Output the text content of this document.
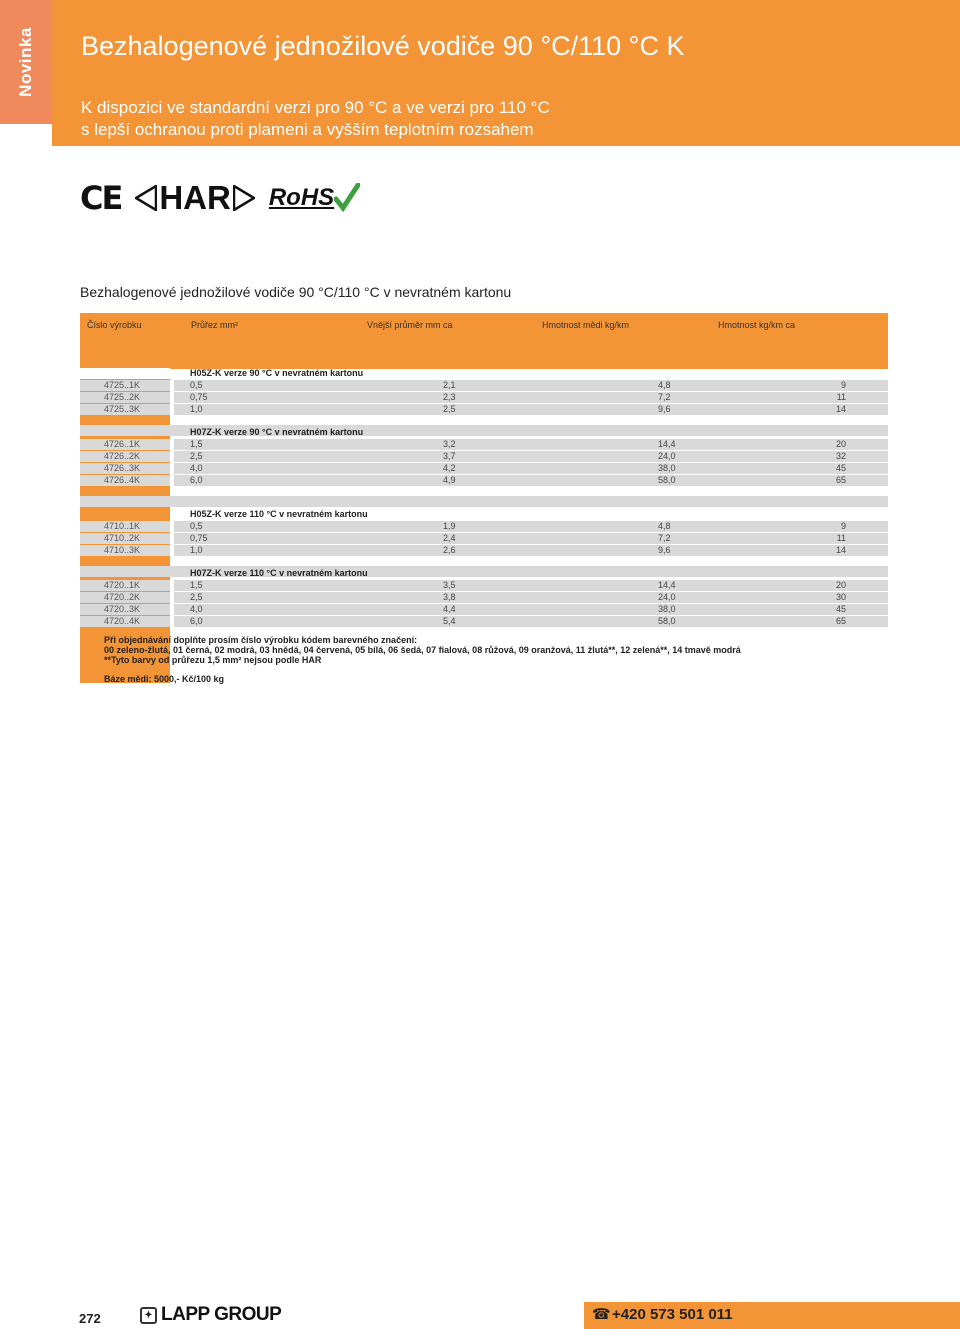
Novinka Bezhalogenové jednožilové vodiče 90 °C/110 °C K
K dispozici ve standardní verzi pro 90 °C a ve verzi pro 110 °C
s lepší ochranou proti plameni a vyšším teplotním rozsahem
CE HAR RoHS
Bezhalogenové jednožilové vodiče 90 °C/110 °C v nevratném kartonu
Číslo výrobku	Průřez mm²	Vnější průměr mm ca	Hmotnost mědi kg/km	Hmotnost kg/km ca
H05Z-K verze 90 °C v nevratném kartonu
4725..1K	0,5	2,1	4,8	9
4725..2K	0,75	2,3	7,2	11
4725..3K	1,0	2,5	9,6	14
H07Z-K verze 90 °C v nevratném kartonu
4726..1K	1,5	3,2	14,4	20
4726..2K	2,5	3,7	24,0	32
4726..3K	4,0	4,2	38,0	45
4726..4K	6,0	4,9	58,0	65
H05Z-K verze 110 °C v nevratném kartonu
4710..1K	0,5	1,9	4,8	9
4710..2K	0,75	2,4	7,2	11
4710..3K	1,0	2,6	9,6	14
H07Z-K verze 110 °C v nevratném kartonu
4720..1K	1,5	3,5	14,4	20
4720..2K	2,5	3,8	24,0	30
4720..3K	4,0	4,4	38,0	45
4720..4K	6,0	5,4	58,0	65
Při objednávání doplňte prosím číslo výrobku kódem barevného značení:
00 zeleno-žlutá, 01 černá, 02 modrá, 03 hnědá, 04 červená, 05 bílá, 06 šedá, 07 fialová, 08 růžová, 09 oranžová, 11 žlutá**, 12 zelená**, 14 tmavě modrá
**Tyto barvy od průřezu 1,5 mm² nejsou podle HAR
Báze mědi: 5000,- Kč/100 kg
272	✦ LAPP GROUP	☎ +420 573 501 011
